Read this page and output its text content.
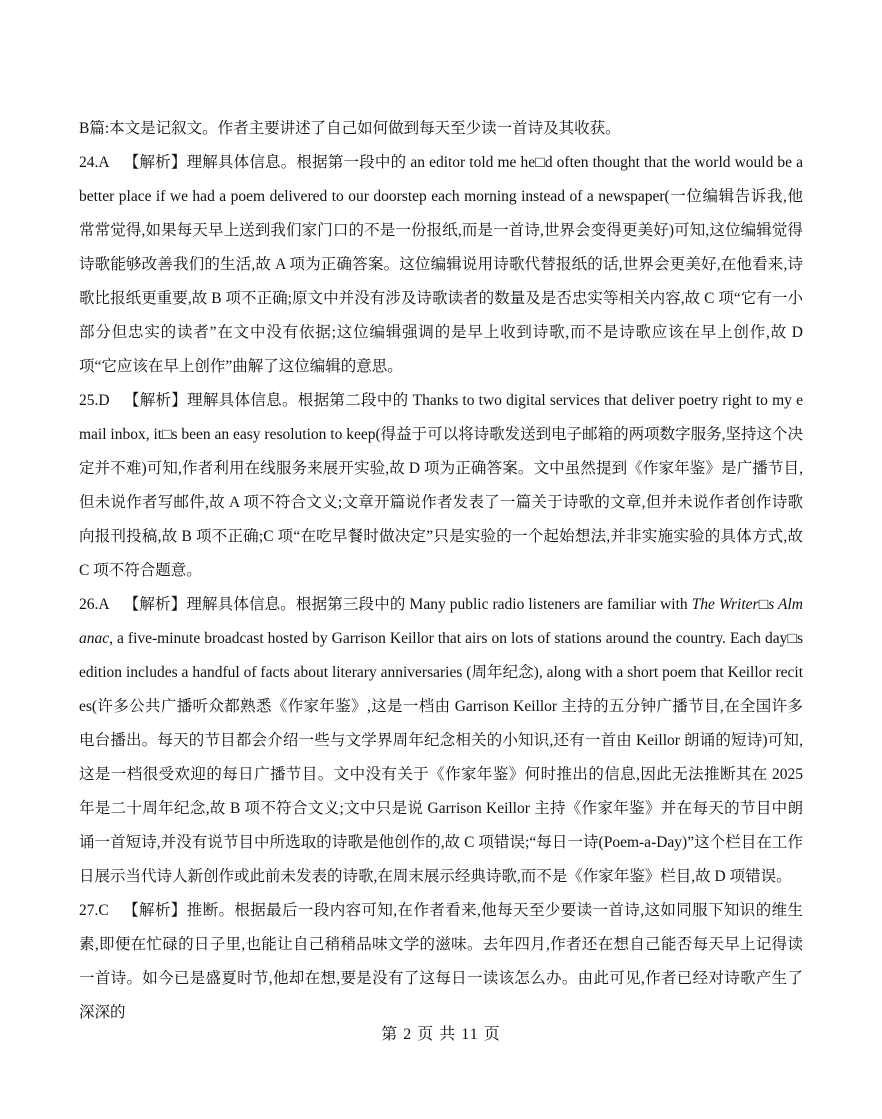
B篇:本文是记叙文。作者主要讲述了自己如何做到每天至少读一首诗及其收获。

24.A 【解析】理解具体信息。根据第一段中的 an editor told me he□d often thought that the world would be a better place if we had a poem delivered to our doorstep each morning instead of a newspaper(一位编辑告诉我,他常常觉得,如果每天早上送到我们家门口的不是一份报纸,而是一首诗,世界会变得更美好)可知,这位编辑觉得诗歌能够改善我们的生活,故 A 项为正确答案。这位编辑说用诗歌代替报纸的话,世界会更美好,在他看来,诗歌比报纸更重要,故 B 项不正确;原文中并没有涉及诗歌读者的数量及是否忠实等相关内容,故 C 项“它有一小部分但忠实的读者”在文中没有依据;这位编辑强调的是早上收到诗歌,而不是诗歌应该在早上创作,故 D 项“它应该在早上创作”曲解了这位编辑的意思。

25.D 【解析】理解具体信息。根据第二段中的 Thanks to two digital services that deliver poetry right to my email inbox, it□s been an easy resolution to keep(得益于可以将诗歌发送到电子邮箱的两项数字服务,坚持这个决定并不难)可知,作者利用在线服务来展开实验,故 D 项为正确答案。文中虽然提到《作家年鉴》是广播节目,但未说作者写邮件,故 A 项不符合文义;文章开篇说作者发表了一篇关于诗歌的文章,但并未说作者创作诗歌向报刊投稿,故 B 项不正确;C 项“在吃早餐时做决定”只是实验的一个起始想法,并非实施实验的具体方式,故 C 项不符合题意。

26.A 【解析】理解具体信息。根据第三段中的 Many public radio listeners are familiar with The Writer□s Almanac, a five-minute broadcast hosted by Garrison Keillor that airs on lots of stations around the country. Each day□s edition includes a handful of facts about literary anniversaries (周年纪念), along with a short poem that Keillor recites(许多公共广播听众都熟悉《作家年鉴》,这是一档由 Garrison Keillor 主持的五分钟广播节目,在全国许多电台播出。每天的节目都会介绍一些与文学界周年纪念相关的小知识,还有一首由 Keillor 朗诵的短诗)可知,这是一档很受欢迎的每日广播节目。文中没有关于《作家年鉴》何时推出的信息,因此无法推断其在 2025 年是二十周年纪念,故 B 项不符合文义;文中只是说 Garrison Keillor 主持《作家年鉴》并在每天的节目中朗诵一首短诗,并没有说节目中所选取的诗歌是他创作的,故 C 项错误;“每日一诗(Poem-a-Day)”这个栏目在工作日展示当代诗人新创作或此前未发表的诗歌,在周末展示经典诗歌,而不是《作家年鉴》栏目,故 D 项错误。

27.C 【解析】推断。根据最后一段内容可知,在作者看来,他每天至少要读一首诗,这如同服下知识的维生素,即便在忙碌的日子里,也能让自己稍稍品味文学的滋味。去年四月,作者还在想自己能否每天早上记得读一首诗。如今已是盛夏时节,他却在想,要是没有了这每日一读该怎么办。由此可见,作者已经对诗歌产生了深深的

第 2 页 共 11 页
